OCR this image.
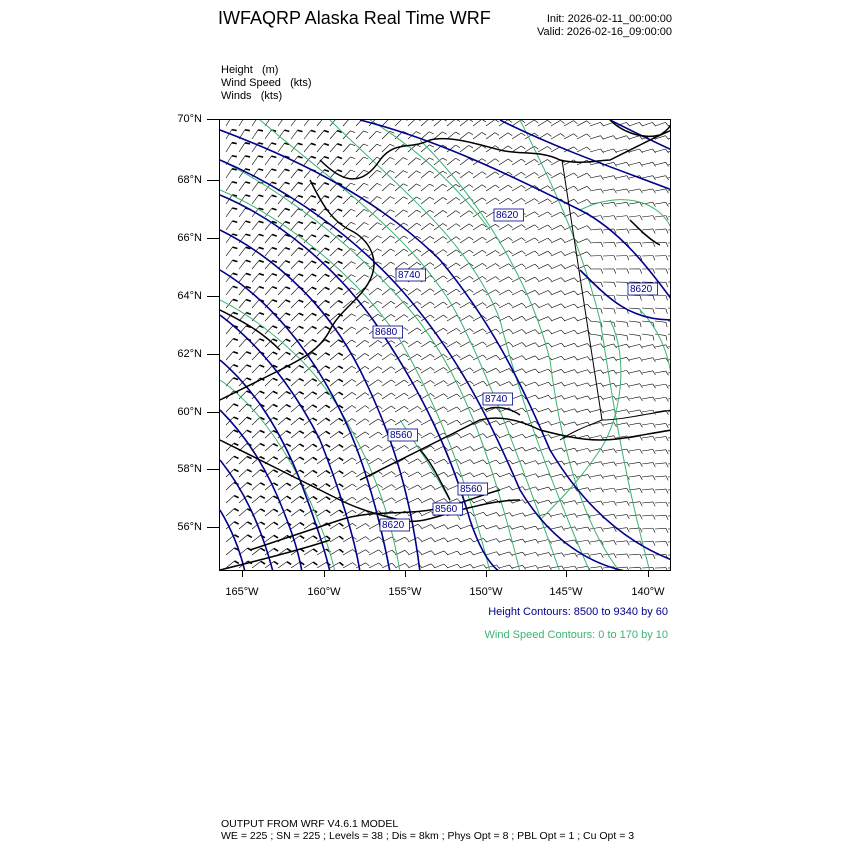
IWFAQRP Alaska Real Time WRF	Init: 2026-02-11_00:00:00
Valid: 2026-02-16_09:00:00
Height   (m)
Wind Speed   (kts)
Winds   (kts)
70°N
68°N
66°N
64°N
62°N
60°N
58°N
56°N
165°W	160°W	155°W	150°W	145°W	140°W
8620
8620
8740
8680
8740
8560
8560
8560
8620
Height Contours: 8500 to 9340 by 60
Wind Speed Contours: 0 to 170 by 10
OUTPUT FROM WRF V4.6.1 MODEL
WE = 225 ; SN = 225 ; Levels = 38 ; Dis = 8km ; Phys Opt = 8 ; PBL Opt = 1 ; Cu Opt = 3
